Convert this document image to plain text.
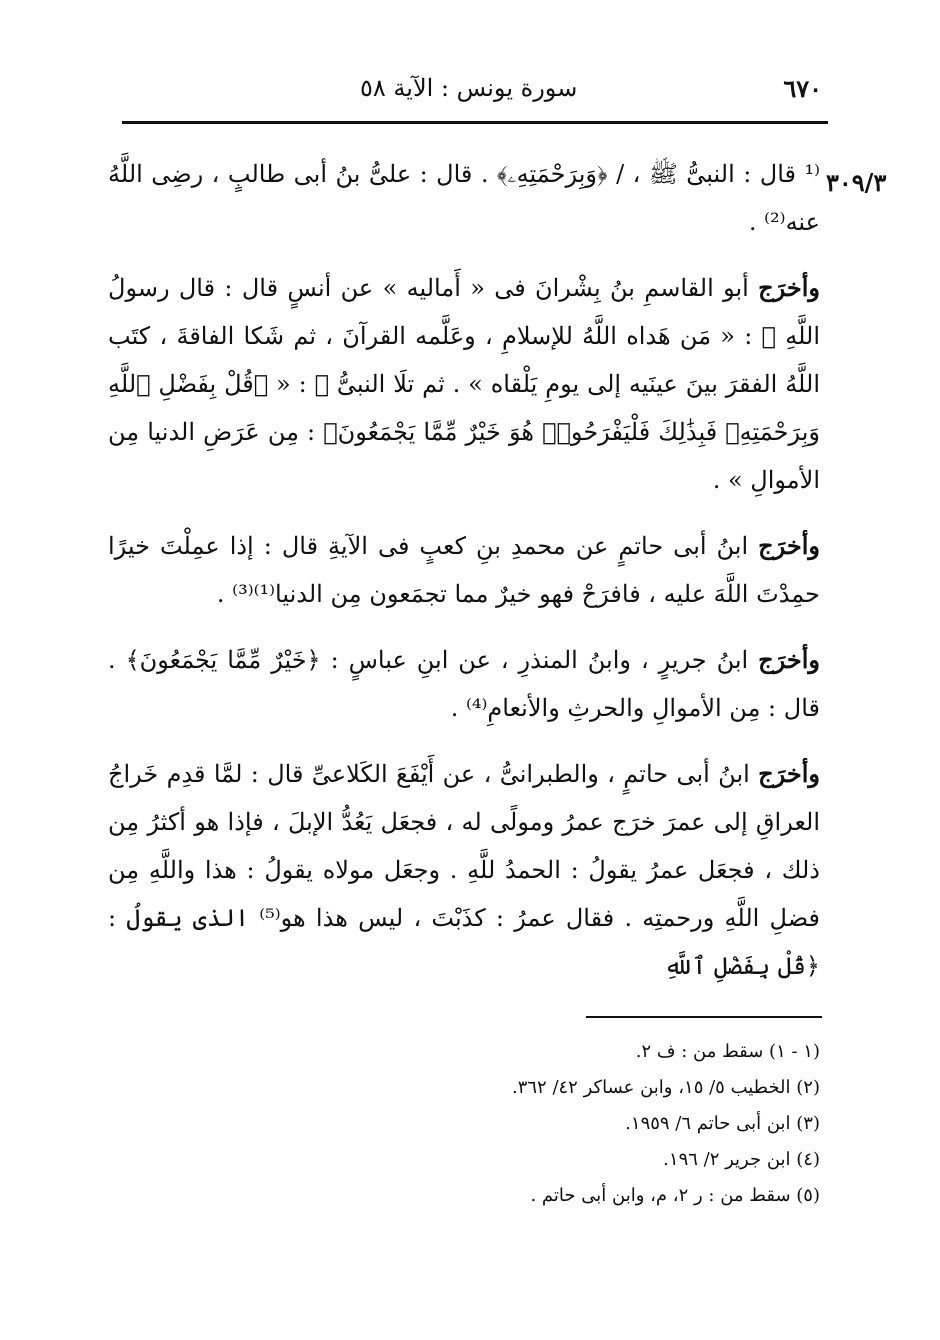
٦٧٠
سورة يونس : الآية ٥٨
٣٠٩/٣

⁽¹ قال : النبىُّ ﷺ ، / ﴿وَبِرَحْمَتِهِۦ﴾ . قال : علىُّ بنُ أبى طالبٍ ، رضِى اللَّهُ عنه⁽²⁾ .

وأخرَج أبو القاسمِ بنُ بِشْرانَ فى « أَماليه » عن أنسٍ قال : قال رسولُ اللَّهِ ﷺ : « مَن هَداه اللَّهُ للإسلامِ ، وعَلَّمه القرآنَ ، ثم شَكا الفاقةَ ، كتَب اللَّهُ الفقرَ بينَ عينَيه إلى يومِ يَلْقاه » . ثم تلَا النبىُّ ﷺ : « ﴿قُلْ بِفَضْلِ ٱللَّهِ وَبِرَحْمَتِهِۦ فَبِذَٰلِكَ فَلْيَفْرَحُوا۟ هُوَ خَيْرٌ مِّمَّا يَجْمَعُونَ﴾ : مِن عَرَضِ الدنيا مِن الأموالِ » .

وأخرَج ابنُ أبى حاتمٍ عن محمدِ بنِ كعبٍ فى الآيةِ قال : إذا عمِلْتَ خيرًا حمِدْتَ اللَّهَ عليه ، فافرَحْ فهو خيرٌ مما تجمَعون مِن الدنيا⁽¹⁾⁽³⁾ .

وأخرَج ابنُ جريرٍ ، وابنُ المنذرِ ، عن ابنِ عباسٍ : ﴿خَيْرٌ مِّمَّا يَجْمَعُونَ﴾ . قال : مِن الأموالِ والحرثِ والأنعامِ⁽⁴⁾ .

وأخرَج ابنُ أبى حاتمٍ ، والطبرانىُّ ، عن أَيْفَعَ الكَلاعىِّ قال : لمَّا قدِم خَراجُ العراقِ إلى عمرَ خرَج عمرُ ومولًى له ، فجعَل يَعُدُّ الإبلَ ، فإذا هو أكثرُ مِن ذلك ، فجعَل عمرُ يقولُ : الحمدُ للَّهِ . وجعَل مولاه يقولُ : هذا واللَّهِ مِن فضلِ اللَّهِ ورحمتِه . فقال عمرُ : كذَبْتَ ، ليس هذا هو⁽⁵⁾ الذى يقولُ : ﴿قُلْ بِفَضْلِ ٱللَّهِ

(١ - ١) سقط من : ف ٢.
(٢) الخطيب ٥/ ١٥، وابن عساكر ٤٢/ ٣٦٢.
(٣) ابن أبى حاتم ٦/ ١٩٥٩.
(٤) ابن جرير ٢/ ١٩٦.
(٥) سقط من : ر ٢، م، وابن أبى حاتم .
